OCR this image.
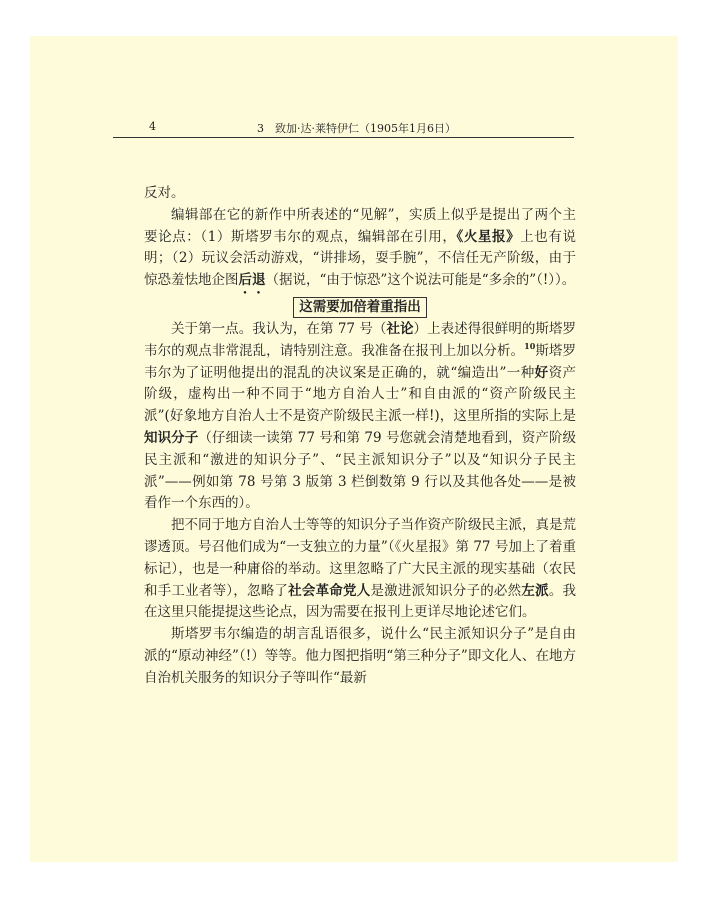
4	3　致加·达·莱特伊仁（1905年1月6日）

反对。

编辑部在它的新作中所表述的“见解”，实质上似乎是提出了两个主要论点：（1）斯塔罗韦尔的观点，编辑部在引用，《火星报》上也有说明；（2）玩议会活动游戏，“讲排场，耍手腕”，不信任无产阶级，由于惊恐羞怯地企图后退（据说，“由于惊恐”这个说法可能是“多余的”（!））。

这需要加倍着重指出

关于第一点。我认为，在第 77 号（社论）上表述得很鲜明的斯塔罗韦尔的观点非常混乱，请特别注意。我准备在报刊上加以分析。$^{10}$斯塔罗韦尔为了证明他提出的混乱的决议案是正确的，就“编造出”一种好资产阶级，虚构出一种不同于“地方自治人士”和自由派的“资产阶级民主派”(好象地方自治人士不是资产阶级民主派一样!)，这里所指的实际上是知识分子（仔细读一读第 77 号和第 79 号您就会清楚地看到，资产阶级民主派和“激进的知识分子”、“民主派知识分子”以及“知识分子民主派”——例如第 78 号第 3 版第 3 栏倒数第 9 行以及其他各处——是被看作一个东西的）。

把不同于地方自治人士等等的知识分子当作资产阶级民主派，真是荒谬透顶。号召他们成为“一支独立的力量”（《火星报》第 77 号加上了着重标记），也是一种庸俗的举动。这里忽略了广大民主派的现实基础（农民和手工业者等），忽略了社会革命党人是激进派知识分子的必然左派。我在这里只能提提这些论点，因为需要在报刊上更详尽地论述它们。

斯塔罗韦尔编造的胡言乱语很多，说什么“民主派知识分子”是自由派的“原动神经”（!）等等。他力图把指明“第三种分子”即文化人、在地方自治机关服务的知识分子等叫作“最新
